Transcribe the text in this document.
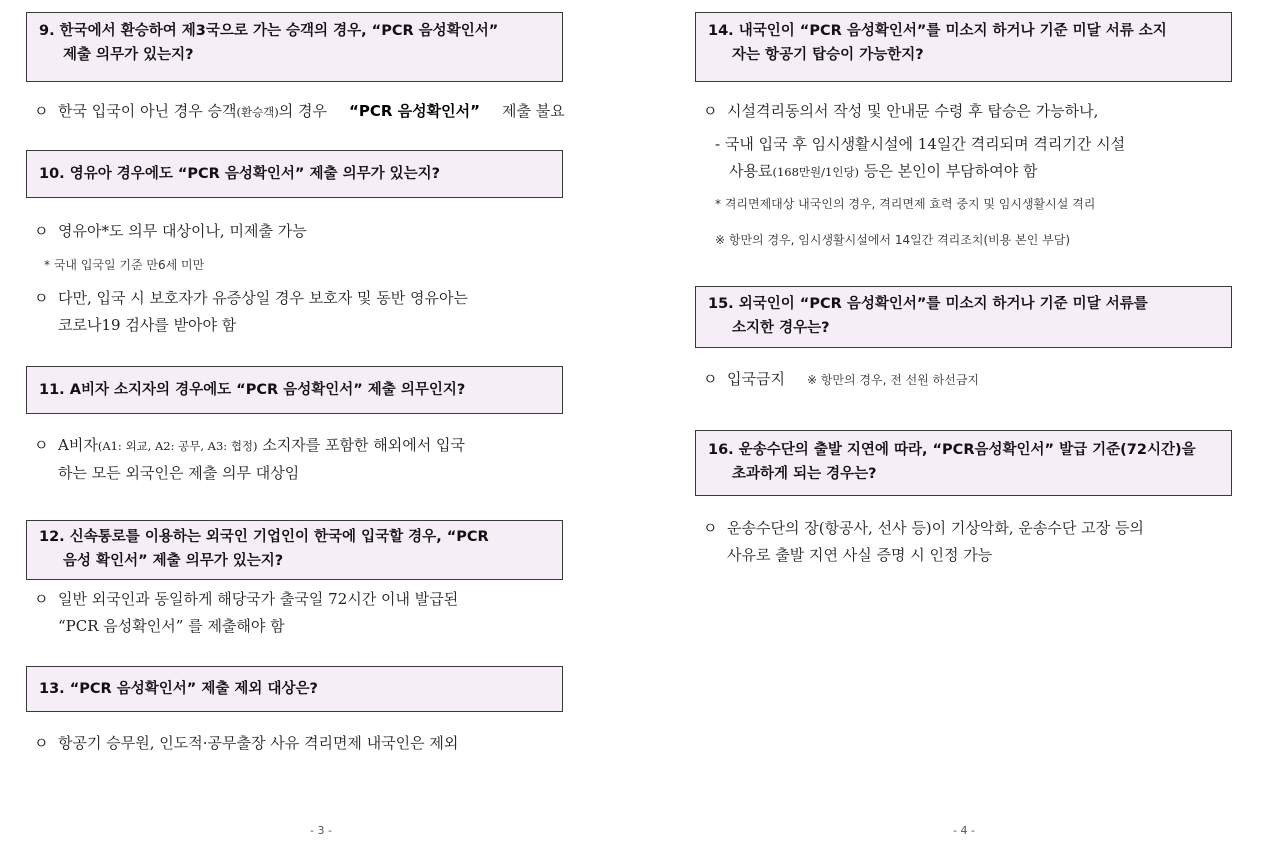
9. 한국에서 환승하여 제3국으로 가는 승객의 경우, “PCR 음성확인서”
제출 의무가 있는지?
ㅇ 한국 입국이 아닌 경우 승객(환승객)의 경우 “PCR 음성확인서” 제출 불요
10. 영유아 경우에도 “PCR 음성확인서” 제출 의무가 있는지?
ㅇ 영유아*도 의무 대상이나, 미제출 가능
* 국내 입국일 기준 만6세 미만
ㅇ 다만, 입국 시 보호자가 유증상일 경우 보호자 및 동반 영유아는
코로나19 검사를 받아야 함
11. A비자 소지자의 경우에도 “PCR 음성확인서” 제출 의무인지?
ㅇ A비자(A1: 외교, A2: 공무, A3: 협정) 소지자를 포함한 해외에서 입국
하는 모든 외국인은 제출 의무 대상임
12. 신속통로를 이용하는 외국인 기업인이 한국에 입국할 경우, “PCR
음성 확인서” 제출 의무가 있는지?
ㅇ 일반 외국인과 동일하게 해당국가 출국일 72시간 이내 발급된
“PCR 음성확인서” 를 제출해야 함
13. “PCR 음성확인서” 제출 제외 대상은?
ㅇ 항공기 승무원, 인도적·공무출장 사유 격리면제 내국인은 제외
- 3 -
14. 내국인이 “PCR 음성확인서”를 미소지 하거나 기준 미달 서류 소지
자는 항공기 탑승이 가능한지?
ㅇ 시설격리동의서 작성 및 안내문 수령 후 탑승은 가능하나,
- 국내 입국 후 임시생활시설에 14일간 격리되며 격리기간 시설
사용료(168만원/1인당) 등은 본인이 부담하여야 함
* 격리면제대상 내국인의 경우, 격리면제 효력 중지 및 임시생활시설 격리
※ 항만의 경우, 임시생활시설에서 14일간 격리조치(비용 본인 부담)
15. 외국인이 “PCR 음성확인서”를 미소지 하거나 기준 미달 서류를
소지한 경우는?
ㅇ 입국금지 ※ 항만의 경우, 전 선원 하선금지
16. 운송수단의 출발 지연에 따라, “PCR음성확인서” 발급 기준(72시간)을
초과하게 되는 경우는?
ㅇ 운송수단의 장(항공사, 선사 등)이 기상악화, 운송수단 고장 등의
사유로 출발 지연 사실 증명 시 인정 가능
- 4 -
